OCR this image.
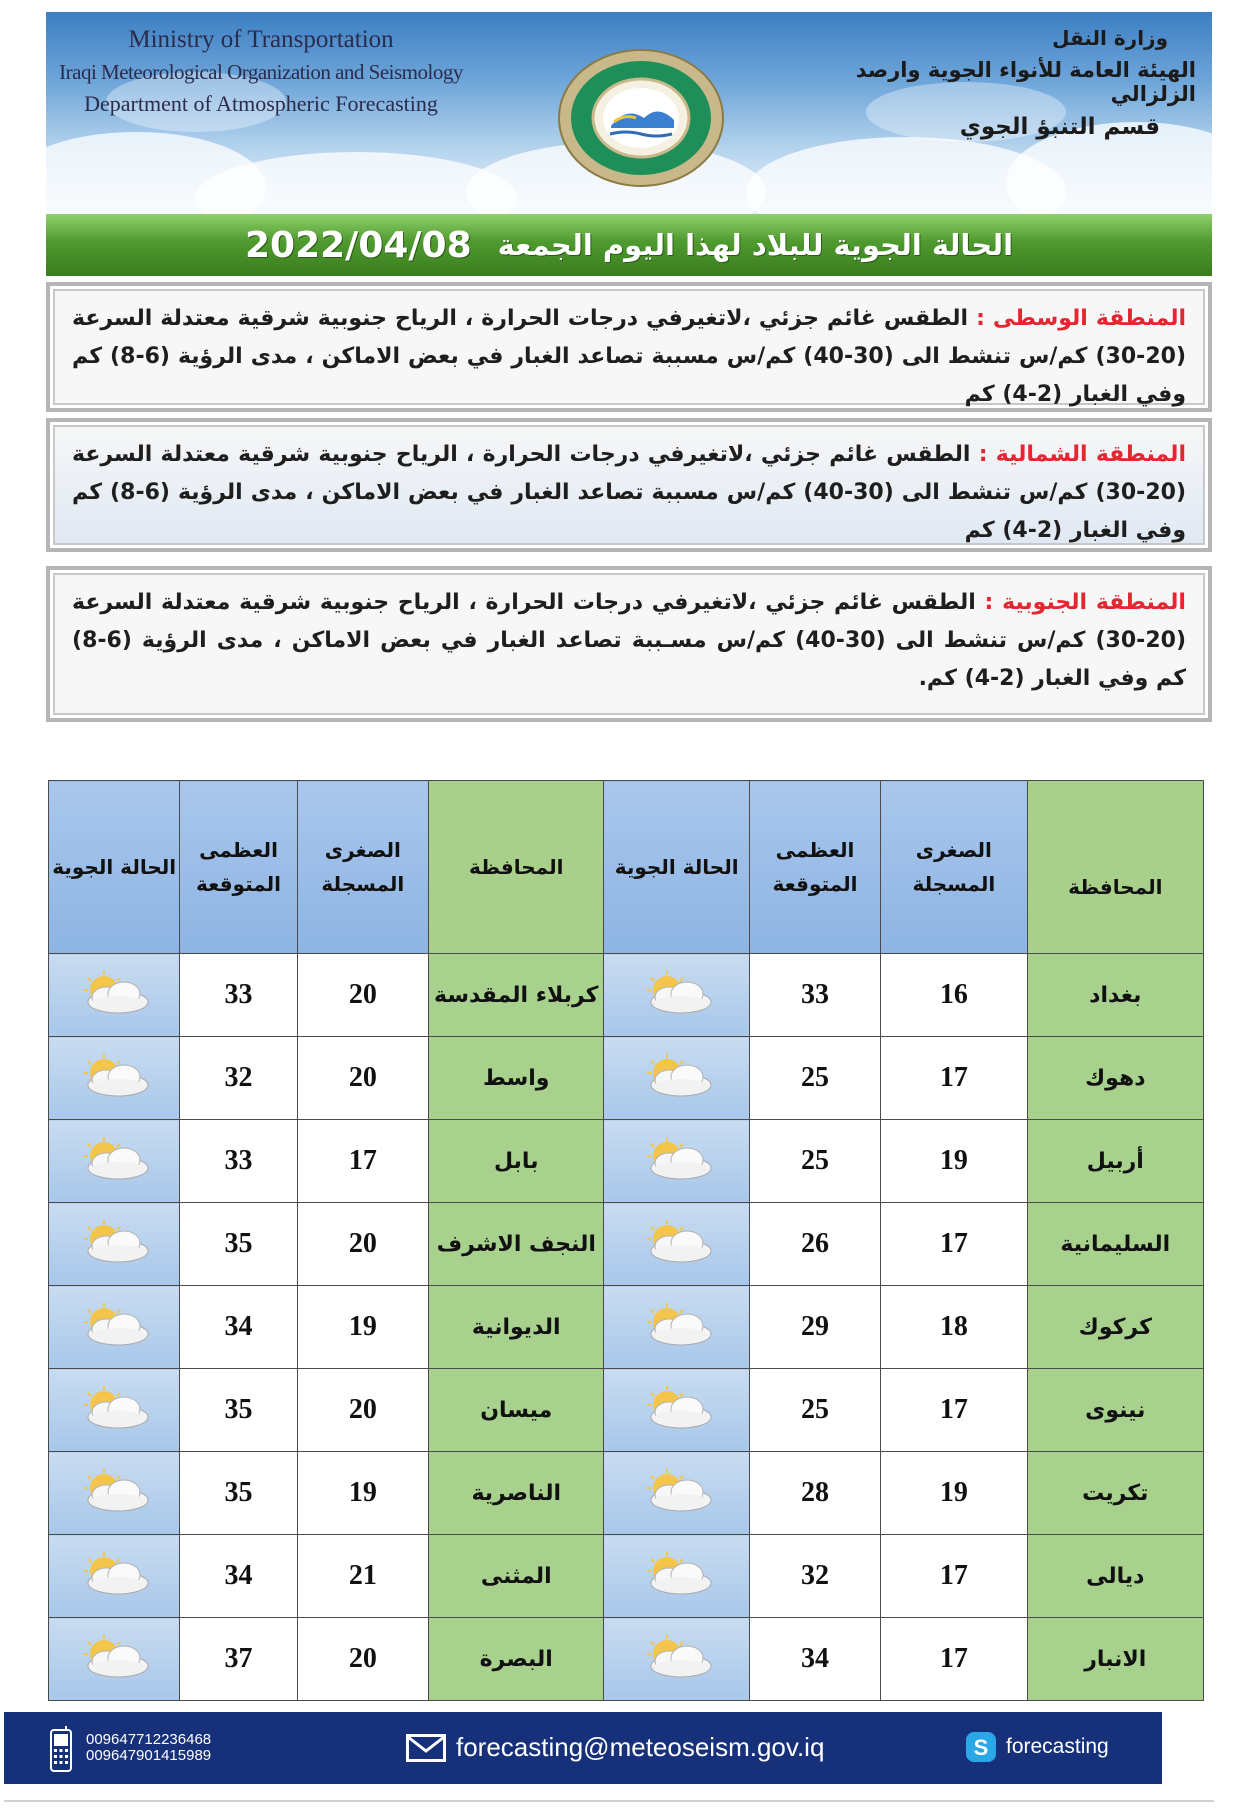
Ministry of Transportation
Iraqi Meteorological Organization and Seismology
Department of Atmospheric Forecasting
وزارة النقل
الهيئة العامة للأنواء الجوية وارصد الزلزالي
قسم التنبؤ الجوي
الحالة الجوية للبلاد لهذا اليوم الجمعة
2022/04/08
المنطقة الوسطى : الطقس غائم جزئي ،لاتغيرفي درجات الحرارة ، الرياح جنوبية شرقية معتدلة السرعة (20-30) كم/س تنشط الى (30-40) كم/س مسببة تصاعد الغبار في بعض الاماكن ، مدى الرؤية (6-8) كم وفي الغبار (2-4) كم
المنطقة الشمالية : الطقس غائم جزئي ،لاتغيرفي درجات الحرارة ، الرياح جنوبية شرقية معتدلة السرعة (20-30) كم/س تنشط الى (30-40) كم/س مسببة تصاعد الغبار في بعض الاماكن ، مدى الرؤية (6-8) كم وفي الغبار (2-4) كم
المنطقة الجنوبية : الطقس غائم جزئي ،لاتغيرفي درجات الحرارة ، الرياح جنوبية شرقية معتدلة السرعة (20-30) كم/س تنشط الى (30-40) كم/س مسـببة تصاعد الغبار في بعض الاماكن ، مدى الرؤية (6-8) كم وفي الغبار (2-4) كم.
المحافظة	الصغرى المسجلة	العظمى المتوقعة	الحالة الجوية	المحافظة	الصغرى المسجلة	العظمى المتوقعة	الحالة الجوية
بغداد	16	33		كربلاء المقدسة	20	33	
دهوك	17	25		واسط	20	32	
أربيل	19	25		بابل	17	33	
السليمانية	17	26		النجف الاشرف	20	35	
كركوك	18	29		الديوانية	19	34	
نينوى	17	25		ميسان	20	35	
تكريت	19	28		الناصرية	19	35	
ديالى	17	32		المثنى	21	34	
الانبار	17	34		البصرة	20	37	
009647712236468
009647901415989	forecasting@meteoseism.gov.iq	S forecasting
